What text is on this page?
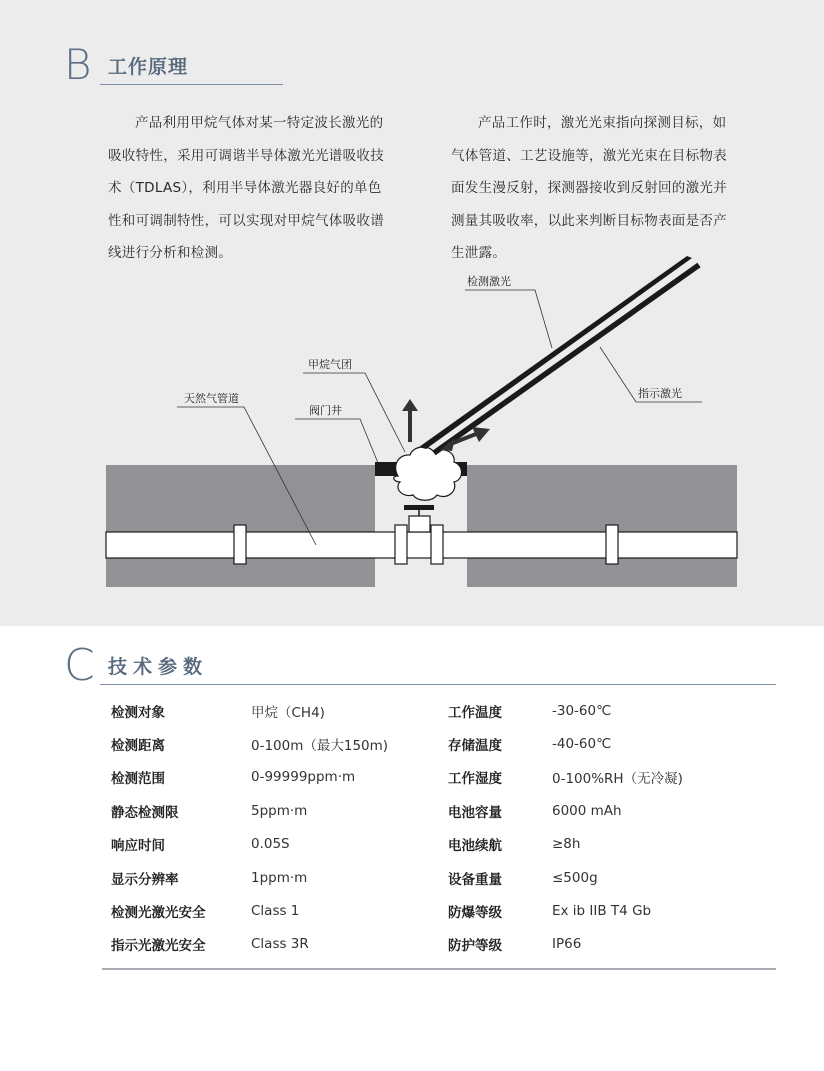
B 工作原理

产品利用甲烷气体对某一特定波长激光的吸收特性，采用可调谐半导体激光光谱吸收技术（TDLAS），利用半导体激光器良好的单色性和可调制特性，可以实现对甲烷气体吸收谱线进行分析和检测。

产品工作时，激光光束指向探测目标，如气体管道、工艺设施等，激光光束在目标物表面发生漫反射，探测器接收到反射回的激光并测量其吸收率，以此来判断目标物表面是否产生泄露。

检测激光
指示激光
甲烷气团
阀门井
天然气管道
C 技术参数
检测对象	甲烷（CH4)	工作温度	-30-60℃
检测距离	0-100m（最大150m)	存储温度	-40-60℃
检测范围	0-99999ppm·m	工作湿度	0-100%RH（无冷凝)
静态检测限	5ppm·m	电池容量	6000 mAh
响应时间	0.05S	电池续航	≥8h
显示分辨率	1ppm·m	设备重量	≤500g
检测光激光安全	Class 1	防爆等级	Ex ib IIB T4 Gb
指示光激光安全	Class 3R	防护等级	IP66
